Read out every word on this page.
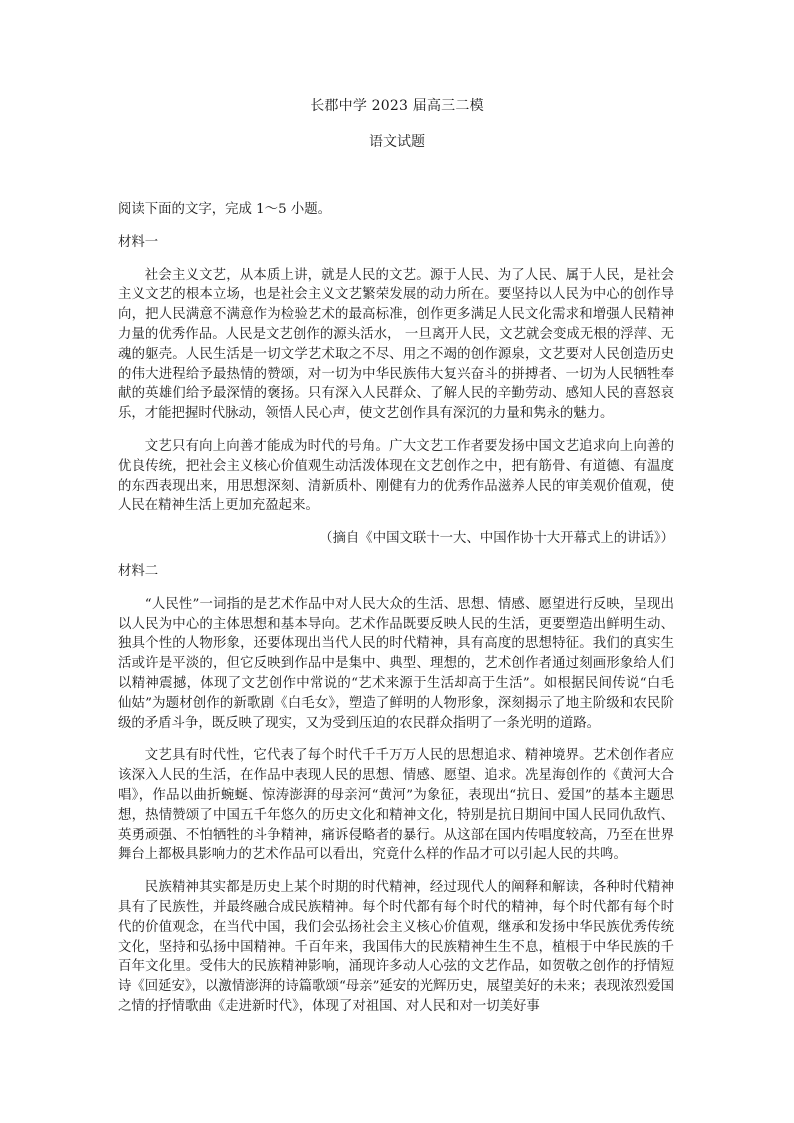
长郡中学 2023 届高三二模
语文试题

阅读下面的文字，完成 1～5 小题。

材料一

社会主义文艺，从本质上讲，就是人民的文艺。源于人民、为了人民、属于人民，是社会主义文艺的根本立场，也是社会主义文艺繁荣发展的动力所在。要坚持以人民为中心的创作导向，把人民满意不满意作为检验艺术的最高标准，创作更多满足人民文化需求和增强人民精神力量的优秀作品。人民是文艺创作的源头活水， 一旦离开人民，文艺就会变成无根的浮萍、无魂的躯壳。人民生活是一切文学艺术取之不尽、用之不竭的创作源泉，文艺要对人民创造历史的伟大进程给予最热情的赞颂，对一切为中华民族伟大复兴奋斗的拼搏者、一切为人民牺牲奉献的英雄们给予最深情的褒扬。只有深入人民群众、了解人民的辛勤劳动、感知人民的喜怒哀乐，才能把握时代脉动，领悟人民心声，使文艺创作具有深沉的力量和隽永的魅力。

文艺只有向上向善才能成为时代的号角。广大文艺工作者要发扬中国文艺追求向上向善的优良传统，把社会主义核心价值观生动活泼体现在文艺创作之中，把有筋骨、有道德、有温度的东西表现出来，用思想深刻、清新质朴、刚健有力的优秀作品滋养人民的审美观价值观，使人民在精神生活上更加充盈起来。

（摘自《中国文联十一大、中国作协十大开幕式上的讲话》）

材料二

“人民性”一词指的是艺术作品中对人民大众的生活、思想、情感、愿望进行反映，呈现出以人民为中心的主体思想和基本导向。艺术作品既要反映人民的生活，更要塑造出鲜明生动、独具个性的人物形象，还要体现出当代人民的时代精神，具有高度的思想特征。我们的真实生活或许是平淡的，但它反映到作品中是集中、典型、理想的，艺术创作者通过刻画形象给人们以精神震撼，体现了文艺创作中常说的“艺术来源于生活却高于生活”。如根据民间传说“白毛仙姑”为题材创作的新歌剧《白毛女》，塑造了鲜明的人物形象，深刻揭示了地主阶级和农民阶级的矛盾斗争，既反映了现实，又为受到压迫的农民群众指明了一条光明的道路。

文艺具有时代性，它代表了每个时代千千万万人民的思想追求、精神境界。艺术创作者应该深入人民的生活，在作品中表现人民的思想、情感、愿望、追求。冼星海创作的《黄河大合唱》，作品以曲折蜿蜒、惊涛澎湃的母亲河“黄河”为象征，表现出“抗日、爱国”的基本主题思想，热情赞颂了中国五千年悠久的历史文化和精神文化，特别是抗日期间中国人民同仇敌忾、英勇顽强、不怕牺牲的斗争精神，痛诉侵略者的暴行。从这部在国内传唱度较高，乃至在世界舞台上都极具影响力的艺术作品可以看出，究竟什么样的作品才可以引起人民的共鸣。

民族精神其实都是历史上某个时期的时代精神，经过现代人的阐释和解读，各种时代精神具有了民族性，并最终融合成民族精神。每个时代都有每个时代的精神，每个时代都有每个时代的价值观念，在当代中国，我们会弘扬社会主义核心价值观，继承和发扬中华民族优秀传统文化，坚持和弘扬中国精神。千百年来，我国伟大的民族精神生生不息，植根于中华民族的千百年文化里。受伟大的民族精神影响，涌现许多动人心弦的文艺作品，如贺敬之创作的抒情短诗《回延安》，以激情澎湃的诗篇歌颂“母亲”延安的光辉历史，展望美好的未来；表现浓烈爱国之情的抒情歌曲《走进新时代》，体现了对祖国、对人民和对一切美好事
